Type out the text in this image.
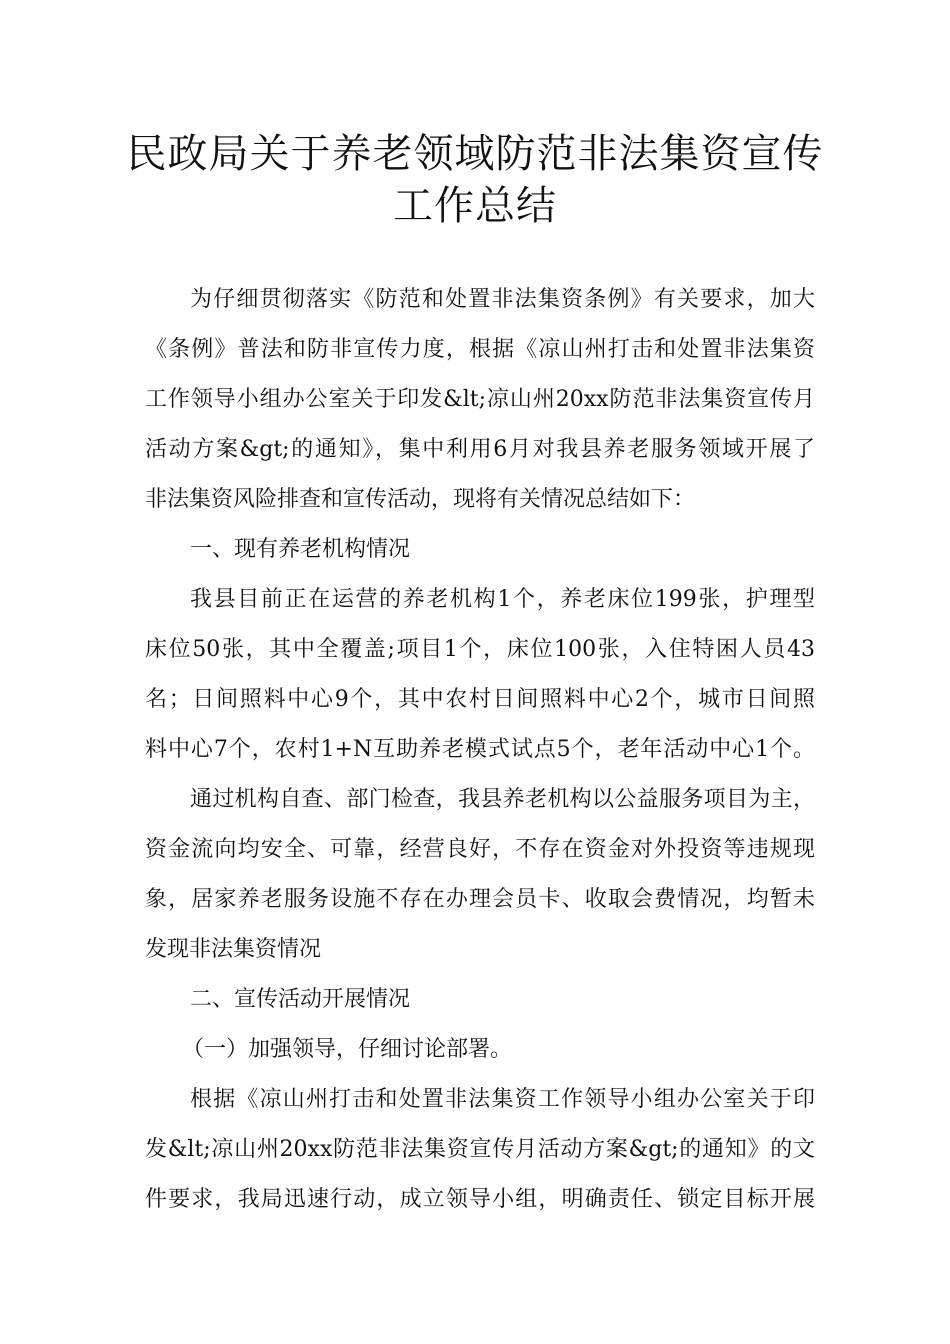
民政局关于养老领域防范非法集资宣传
工作总结

为仔细贯彻落实《防范和处置非法集资条例》有关要求，加大

《条例》普法和防非宣传力度，根据《凉山州打击和处置非法集资

工作领导小组办公室关于印发&lt;凉山州20xx防范非法集资宣传月

活动方案&gt;的通知》，集中利用6月对我县养老服务领域开展了

非法集资风险排查和宣传活动，现将有关情况总结如下：

一、现有养老机构情况

我县目前正在运营的养老机构1个，养老床位199张，护理型

床位50张，其中全覆盖;项目1个，床位100张，入住特困人员43

名；日间照料中心9个，其中农村日间照料中心2个，城市日间照

料中心7个，农村1+N互助养老模式试点5个，老年活动中心1个。

通过机构自查、部门检查，我县养老机构以公益服务项目为主，

资金流向均安全、可靠，经营良好，不存在资金对外投资等违规现

象，居家养老服务设施不存在办理会员卡、收取会费情况，均暂未

发现非法集资情况

二、宣传活动开展情况

（一）加强领导，仔细讨论部署。

根据《凉山州打击和处置非法集资工作领导小组办公室关于印

发&lt;凉山州20xx防范非法集资宣传月活动方案&gt;的通知》的文

件要求，我局迅速行动，成立领导小组，明确责任、锁定目标开展
